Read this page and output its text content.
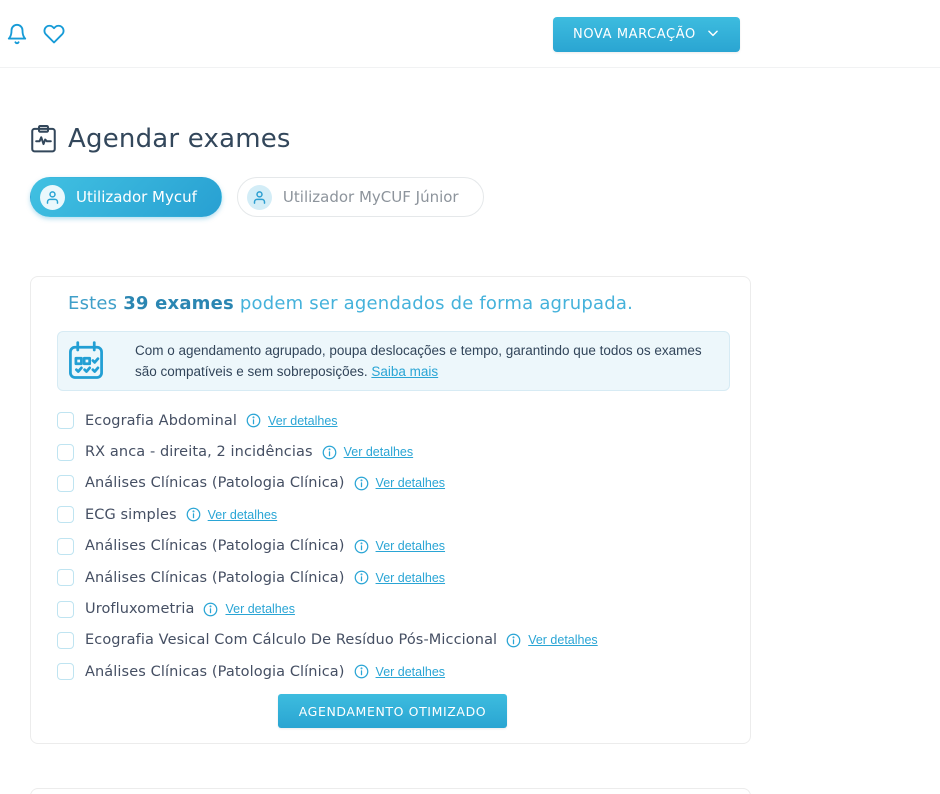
NOVA MARCAÇÃO
Agendar exames
Utilizador Mycuf	Utilizador MyCUF Júnior
Estes 39 exames podem ser agendados de forma agrupada.

Com o agendamento agrupado, poupa deslocações e tempo, garantindo que todos os exames são compatíveis e sem sobreposições. Saiba mais

Ecografia Abdominal Ver detalhes
RX anca - direita, 2 incidências Ver detalhes
Análises Clínicas (Patologia Clínica) Ver detalhes
ECG simples Ver detalhes
Análises Clínicas (Patologia Clínica) Ver detalhes
Análises Clínicas (Patologia Clínica) Ver detalhes
Urofluxometria Ver detalhes
Ecografia Vesical Com Cálculo De Resíduo Pós-Miccional Ver detalhes
Análises Clínicas (Patologia Clínica) Ver detalhes
AGENDAMENTO OTIMIZADO
